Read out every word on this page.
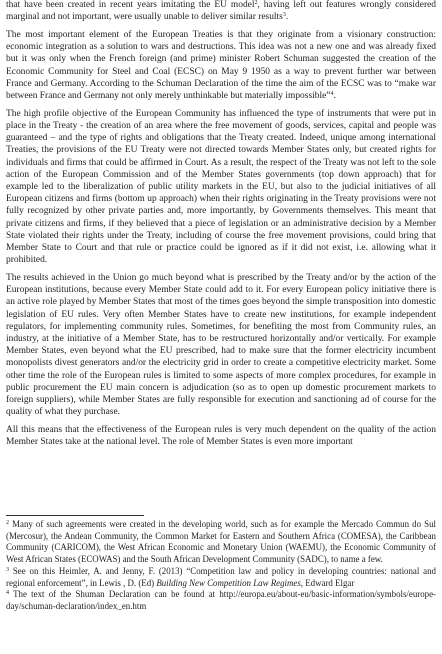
that have been created in recent years imitating the EU model$^2$, having left out features wrongly considered marginal and not important, were usually unable to deliver similar results$^3$.

The most important element of the European Treaties is that they originate from a visionary construction: economic integration as a solution to wars and destructions. This idea was not a new one and was already fixed but it was only when the French foreign (and prime) minister Robert Schuman suggested the creation of the Economic Community for Steel and Coal (ECSC) on May 9 1950 as a way to prevent further war between France and Germany. According to the Schuman Declaration of the time the aim of the ECSC was to “make war between France and Germany not only merely unthinkable but materially impossible”$^4$.

The high profile objective of the European Community has influenced the type of instruments that were put in place in the Treaty - the creation of an area where the free movement of goods, services, capital and people was guaranteed – and the type of rights and obligations that the Treaty created. Indeed, unique among international Treaties, the provisions of the EU Treaty were not directed towards Member States only, but created rights for individuals and firms that could be affirmed in Court. As a result, the respect of the Treaty was not left to the sole action of the European Commission and of the Member States governments (top down approach) that for example led to the liberalization of public utility markets in the EU, but also to the judicial initiatives of all European citizens and firms (bottom up approach) when their rights originating in the Treaty provisions were not fully recognized by other private parties and, more importantly, by Governments themselves. This meant that private citizens and firms, if they believed that a piece of legislation or an administrative decision by a Member State violated their rights under the Treaty, including of course the free movement provisions, could bring that Member State to Court and that rule or practice could be ignored as if it did not exist, i.e. allowing what it prohibited.

The results achieved in the Union go much beyond what is prescribed by the Treaty and/or by the action of the European institutions, because every Member State could add to it. For every European policy initiative there is an active role played by Member States that most of the times goes beyond the simple transposition into domestic legislation of EU rules. Very often Member States have to create new institutions, for example independent regulators, for implementing community rules. Sometimes, for benefiting the most from Community rules, an industry, at the initiative of a Member State, has to be restructured horizontally and/or vertically. For example Member States, even beyond what the EU prescribed, had to make sure that the former electricity incumbent monopolists divest generators and/or the electricity grid in order to create a competitive electricity market. Some other time the role of the European rules is limited to some aspects of more complex procedures, for example in public procurement the EU main concern is adjudication (so as to open up domestic procurement markets to foreign suppliers), while Member States are fully responsible for execution and sanctioning ad of course for the quality of what they purchase.

All this means that the effectiveness of the European rules is very much dependent on the quality of the action Member States take at the national level. The role of Member States is even more important

$^2$ Many of such agreements were created in the developing world, such as for example the Mercado Commun do Sul (Mercosur), the Andean Community, the Common Market for Eastern and Southern Africa (COMESA), the Caribbean Community (CARICOM), the West African Economic and Monetary Union (WAEMU), the Economic Community of West African States (ECOWAS) and the South African Development Community (SADC), to name a few.

$^3$ See on this Heimler, A. and Jenny, F. (2013) “Competition law and policy in developing countries: national and regional enforcement”, in Lewis , D. (Ed) Building New Competition Law Regimes, Edward Elgar

$^4$ The text of the Shuman Declaration can be found at http://europa.eu/about-eu/basic-information/symbols/europe-day/schuman-declaration/index_en.htm
